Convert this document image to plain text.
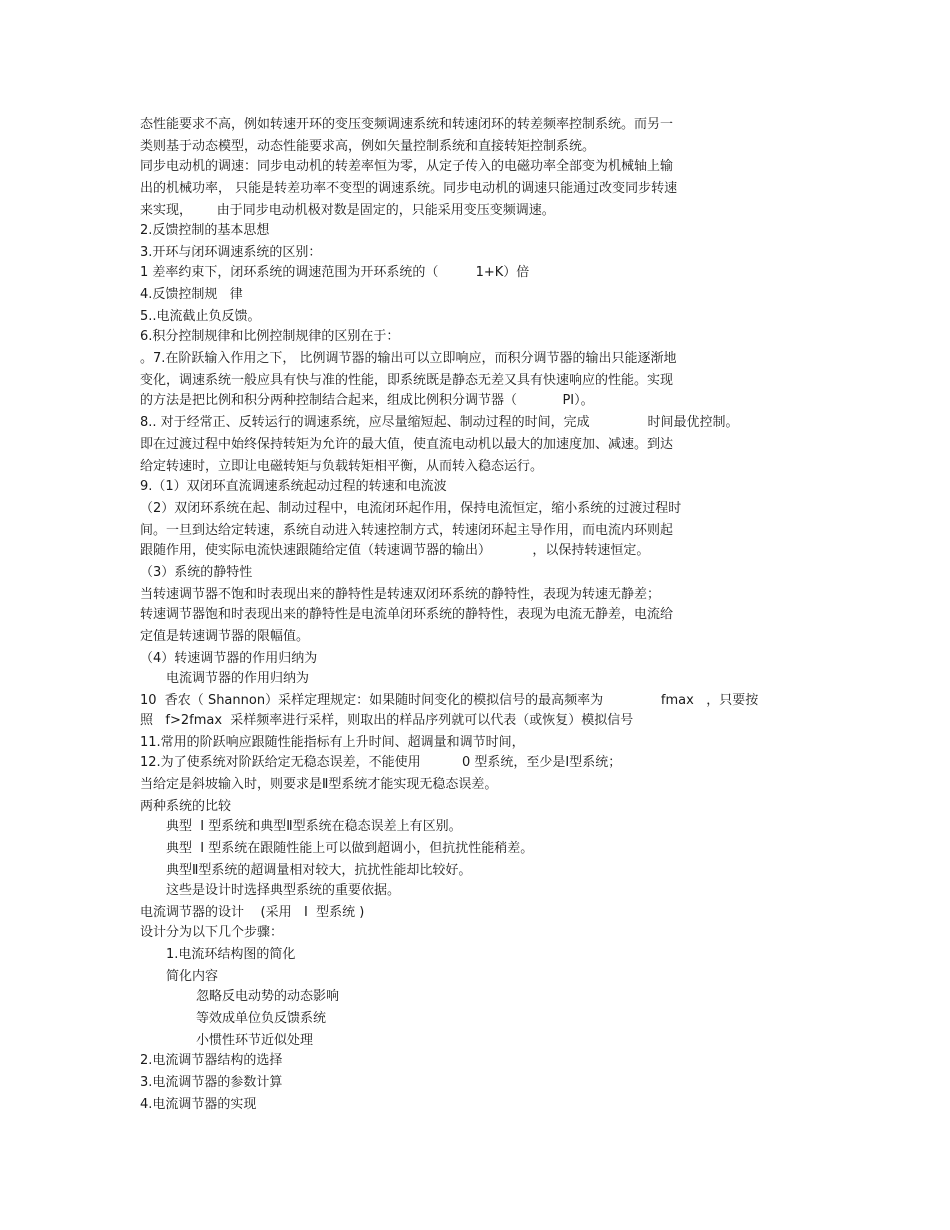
态性能要求不高，例如转速开环的变压变频调速系统和转速闭环的转差频率控制系统。而另一
类则基于动态模型，动态性能要求高，例如矢量控制系统和直接转矩控制系统。
同步电动机的调速：同步电动机的转差率恒为零，从定子传入的电磁功率全部变为机械轴上输
出的机械功率， 只能是转差功率不变型的调速系统。同步电动机的调速只能通过改变同步转速
来实现，      由于同步电动机极对数是固定的，只能采用变压变频调速。
2.反馈控制的基本思想
3.开环与闭环调速系统的区别：
1 差率约束下，闭环系统的调速范围为开环系统的（         1+K）倍
4.反馈控制规   律
5..电流截止负反馈。
6.积分控制规律和比例控制规律的区别在于：
。7.在阶跃输入作用之下， 比例调节器的输出可以立即响应，而积分调节器的输出只能逐渐地
变化，调速系统一般应具有快与准的性能，即系统既是静态无差又具有快速响应的性能。实现
的方法是把比例和积分两种控制结合起来，组成比例积分调节器（           PI）。
8.. 对于经常正、反转运行的调速系统，应尽量缩短起、制动过程的时间，完成              时间最优控制。
即在过渡过程中始终保持转矩为允许的最大值，使直流电动机以最大的加速度加、减速。到达
给定转速时，立即让电磁转矩与负载转矩相平衡，从而转入稳态运行。
9.（1）双闭环直流调速系统起动过程的转速和电流波
（2）双闭环系统在起、制动过程中，电流闭环起作用，保持电流恒定，缩小系统的过渡过程时
间。一旦到达给定转速，系统自动进入转速控制方式，转速闭环起主导作用，而电流内环则起
跟随作用，使实际电流快速跟随给定值（转速调节器的输出）          ，以保持转速恒定。
（3）系统的静特性
当转速调节器不饱和时表现出来的静特性是转速双闭环系统的静特性，表现为转速无静差；
转速调节器饱和时表现出来的静特性是电流单闭环系统的静特性，表现为电流无静差，电流给
定值是转速调节器的限幅值。
（4）转速调节器的作用归纳为
电流调节器的作用归纳为
10  香农（ Shannon）采样定理规定：如果随时间变化的模拟信号的最高频率为              fmax   ，只要按
照   f>2fmax  采样频率进行采样，则取出的样品序列就可以代表（或恢复）模拟信号
11.常用的阶跃响应跟随性能指标有上升时间、超调量和调节时间，
12.为了使系统对阶跃给定无稳态误差，不能使用          0 型系统，至少是Ⅰ型系统；
当给定是斜坡输入时，则要求是Ⅱ型系统才能实现无稳态误差。
两种系统的比较
典型  Ⅰ 型系统和典型Ⅱ型系统在稳态误差上有区别。
典型  Ⅰ 型系统在跟随性能上可以做到超调小，但抗扰性能稍差。
典型Ⅱ型系统的超调量相对较大，抗扰性能却比较好。
这些是设计时选择典型系统的重要依据。
电流调节器的设计    (采用   Ⅰ  型系统 )
设计分为以下几个步骤：
1.电流环结构图的简化
简化内容
忽略反电动势的动态影响
等效成单位负反馈系统
小惯性环节近似处理
2.电流调节器结构的选择
3.电流调节器的参数计算
4.电流调节器的实现
